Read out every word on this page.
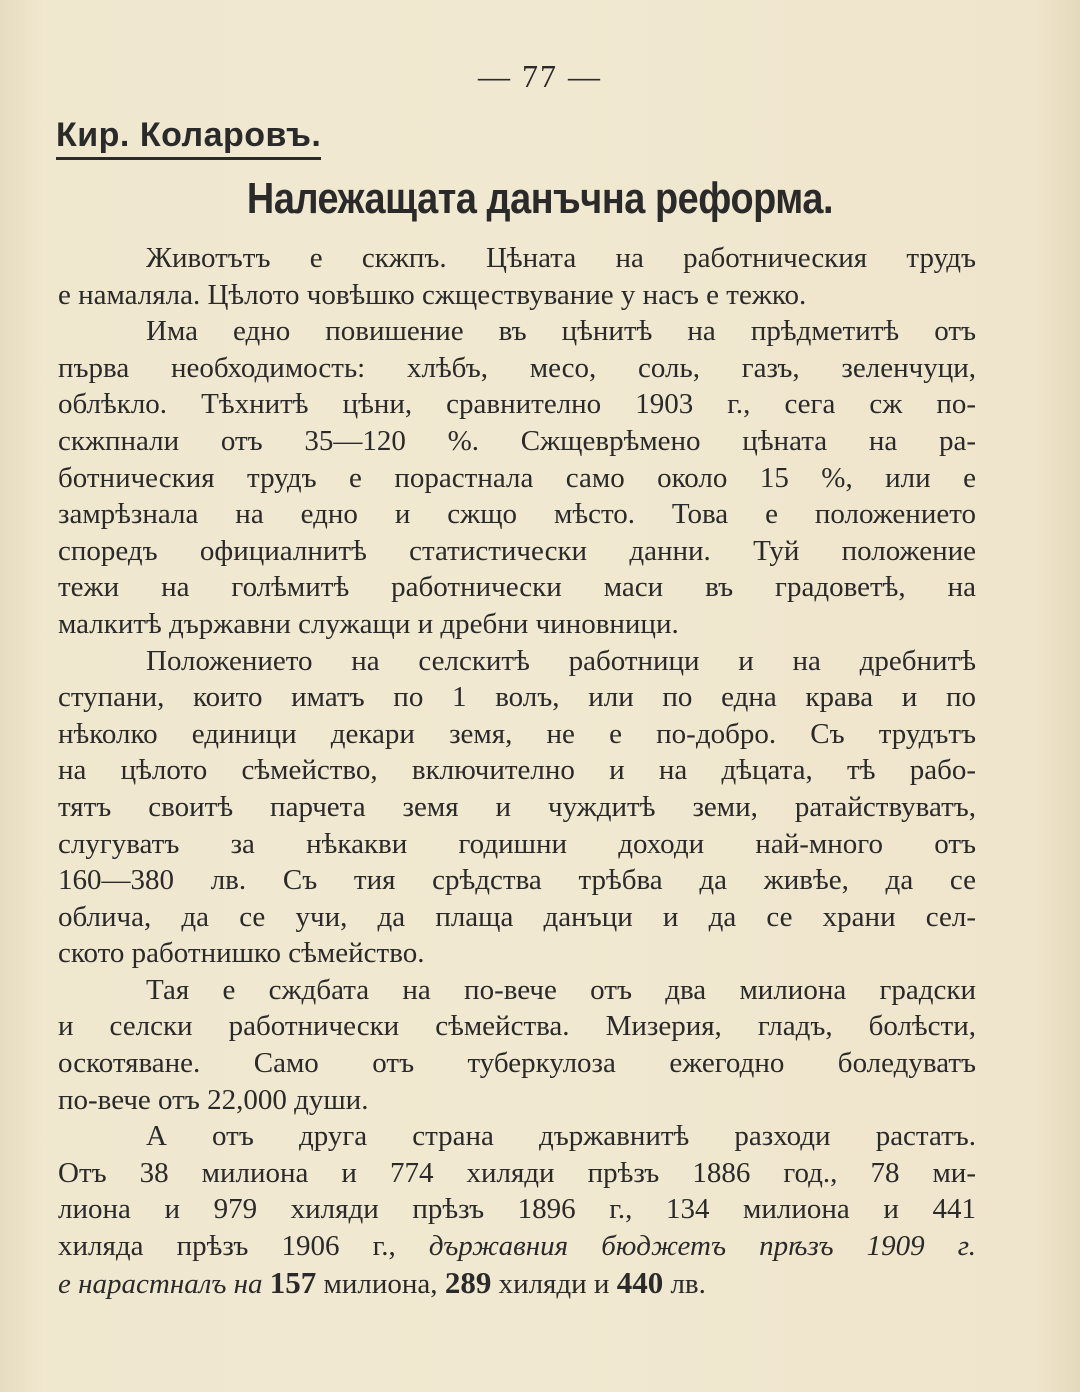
— 77 —
Кир. Коларовъ.
Належащата данъчна реформа.
Животътъ е скжпъ. Цѣната на работническия трудъ
е намаляла. Цѣлото човѣшко сжществувание у насъ е тежко.
Има едно повишение въ цѣнитѣ на прѣдметитѣ отъ
първа необходимость: хлѣбъ, месо, соль, газъ, зеленчуци,
облѣкло. Тѣхнитѣ цѣни, сравнително 1903 г., сега сж по-
скжпнали отъ 35—120 %. Сжщеврѣмено цѣната на ра-
ботническия трудъ е порастнала само около 15 %, или е
замрѣзнала на едно и сжщо мѣсто. Това е положението
споредъ официалнитѣ статистически данни. Туй положение
тежи на голѣмитѣ работнически маси въ градоветѣ, на
малкитѣ държавни служащи и дребни чиновници.
Положението на селскитѣ работници и на дребнитѣ
ступани, които иматъ по 1 волъ, или по една крава и по
нѣколко единици декари земя, не е по-добро. Съ трудътъ
на цѣлото сѣмейство, включително и на дѣцата, тѣ рабо-
тятъ своитѣ парчета земя и чуждитѣ земи, ратайствуватъ,
слугуватъ за нѣкакви годишни доходи най-много отъ
160—380 лв. Съ тия срѣдства трѣбва да живѣе, да се
облича, да се учи, да плаща данъци и да се храни сел-
ското работнишко сѣмейство.
Тая е сждбата на по-вече отъ два милиона градски
и селски работнически сѣмейства. Мизерия, гладъ, болѣсти,
оскотяване. Само отъ туберкулоза ежегодно боледуватъ
по-вече отъ 22,000 души.
А отъ друга страна държавнитѣ разходи растатъ.
Отъ 38 милиона и 774 хиляди прѣзъ 1886 год., 78 ми-
лиона и 979 хиляди прѣзъ 1896 г., 134 милиона и 441
хиляда прѣзъ 1906 г., държавния бюджетъ прѣзъ 1909 г.
е нарастналъ на 157 милиона, 289 хиляди и 440 лв.
